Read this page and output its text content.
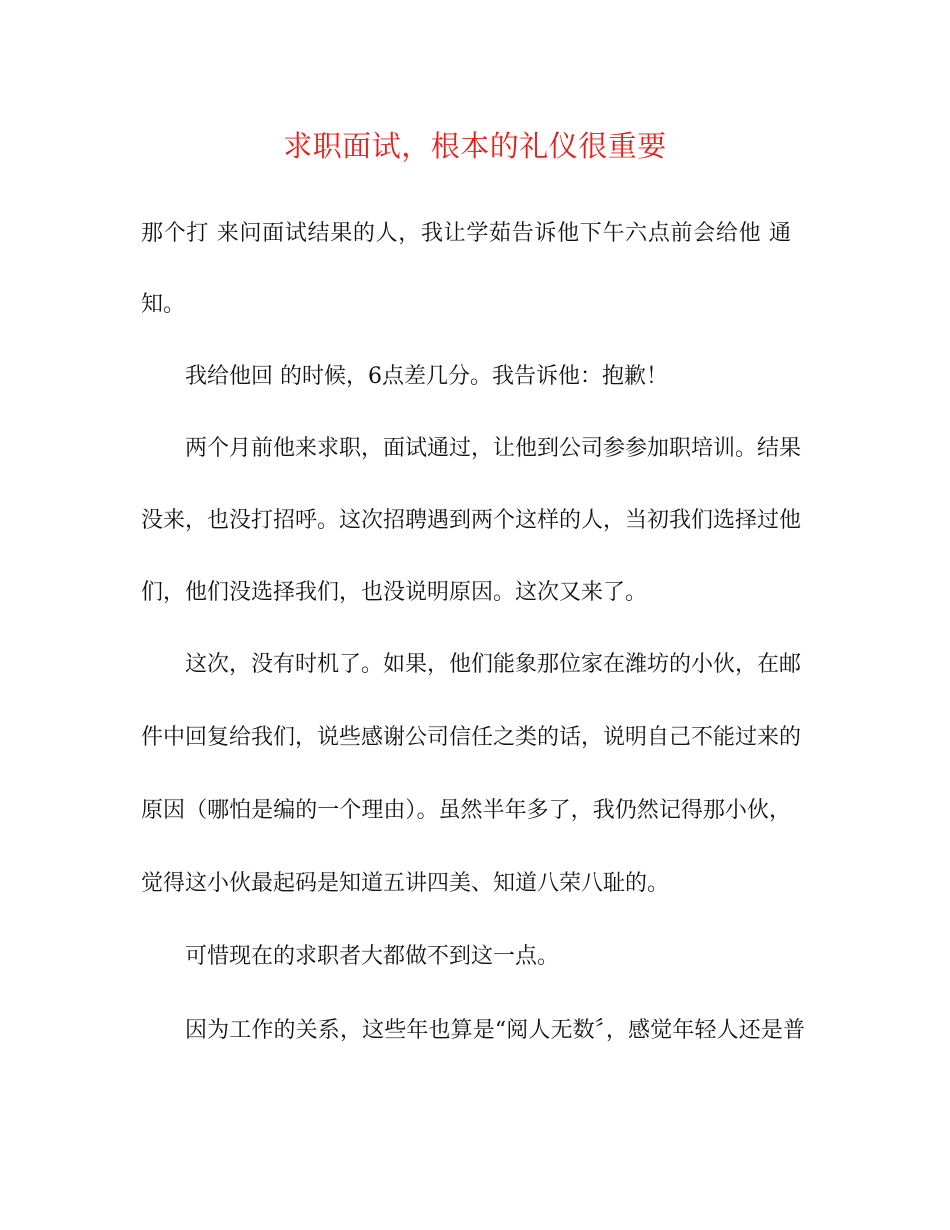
求职面试，根本的礼仪很重要
那个打 来问面试结果的人，我让学茹告诉他下午六点前会给他 通
知。
我给他回 的时候，6点差几分。我告诉他：抱歉！
两个月前他来求职，面试通过，让他到公司参参加职培训。结果
没来，也没打招呼。这次招聘遇到两个这样的人，当初我们选择过他
们，他们没选择我们，也没说明原因。这次又来了。
这次，没有时机了。如果，他们能象那位家在潍坊的小伙，在邮
件中回复给我们，说些感谢公司信任之类的话，说明自己不能过来的
原因（哪怕是编的一个理由）。虽然半年多了，我仍然记得那小伙，
觉得这小伙最起码是知道五讲四美、知道八荣八耻的。
可惜现在的求职者大都做不到这一点。
因为工作的关系，这些年也算是“阅人无数〞，感觉年轻人还是普
